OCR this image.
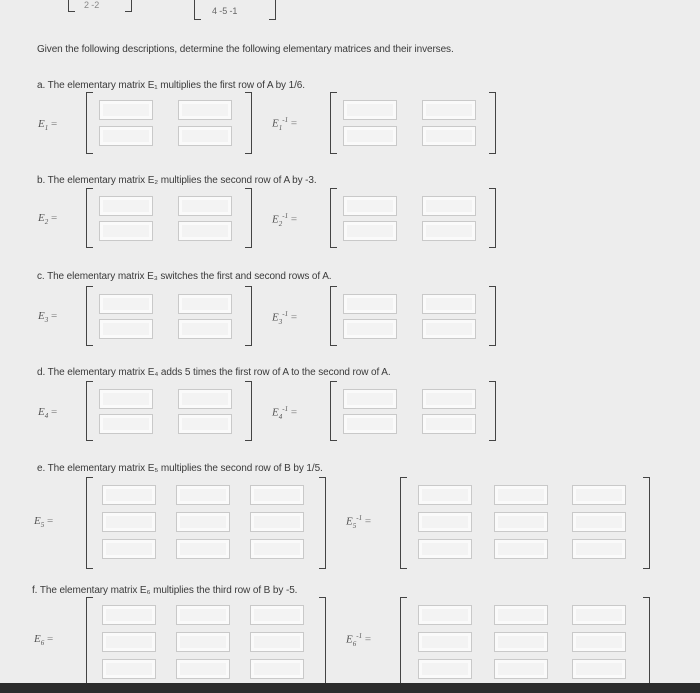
2 -2
4 -5 -1
Given the following descriptions, determine the following elementary matrices and their inverses.
a. The elementary matrix E₁ multiplies the first row of A by 1/6.
$E_1$ =	$E_1^{-1}$ =
b. The elementary matrix E₂ multiplies the second row of A by -3.
$E_2$ =	$E_2^{-1}$ =
c. The elementary matrix E₃ switches the first and second rows of A.
$E_3$ =	$E_3^{-1}$ =
d. The elementary matrix E₄ adds 5 times the first row of A to the second row of A.
$E_4$ =	$E_4^{-1}$ =
e. The elementary matrix E₅ multiplies the second row of B by 1/5.
$E_5$ =	$E_5^{-1}$ =
f. The elementary matrix E₆ multiplies the third row of B by -5.
$E_6$ =	$E_6^{-1}$ =
